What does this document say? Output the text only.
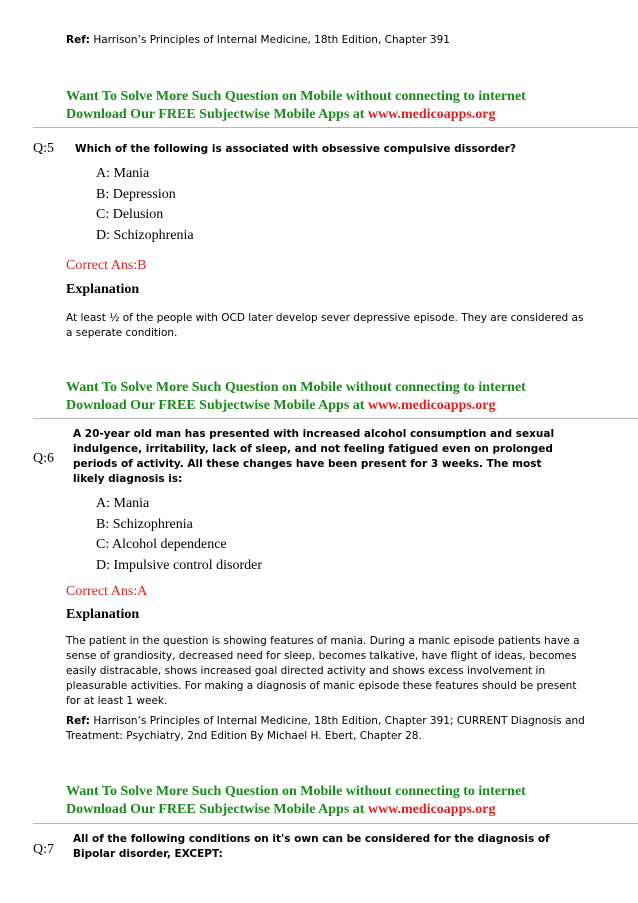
Ref: Harrison’s Principles of Internal Medicine, 18th Edition, Chapter 391
Want To Solve More Such Question on Mobile without connecting to internet
Download Our FREE Subjectwise Mobile Apps at www.medicoapps.org
Q:5 Which of the following is associated with obsessive compulsive dissorder?
A: Mania
B: Depression
C: Delusion
D: Schizophrenia
Correct Ans:B
Explanation
At least ½ of the people with OCD later develop sever depressive episode. They are considered as a seperate condition.
Want To Solve More Such Question on Mobile without connecting to internet
Download Our FREE Subjectwise Mobile Apps at www.medicoapps.org
Q:6
A 20-year old man has presented with increased alcohol consumption and sexual indulgence, irritability, lack of sleep, and not feeling fatigued even on prolonged periods of activity. All these changes have been present for 3 weeks. The most likely diagnosis is:
A: Mania
B: Schizophrenia
C: Alcohol dependence
D: Impulsive control disorder
Correct Ans:A
Explanation
The patient in the question is showing features of mania. During a manic episode patients have a sense of grandiosity, decreased need for sleep, becomes talkative, have flight of ideas, becomes easily distracable, shows increased goal directed activity and shows excess involvement in pleasurable activities. For making a diagnosis of manic episode these features should be present for at least 1 week.
Ref: Harrison’s Principles of Internal Medicine, 18th Edition, Chapter 391; CURRENT Diagnosis and Treatment: Psychiatry, 2nd Edition By Michael H. Ebert, Chapter 28.
Want To Solve More Such Question on Mobile without connecting to internet
Download Our FREE Subjectwise Mobile Apps at www.medicoapps.org
Q:7
All of the following conditions on it's own can be considered for the diagnosis of Bipolar disorder, EXCEPT:
